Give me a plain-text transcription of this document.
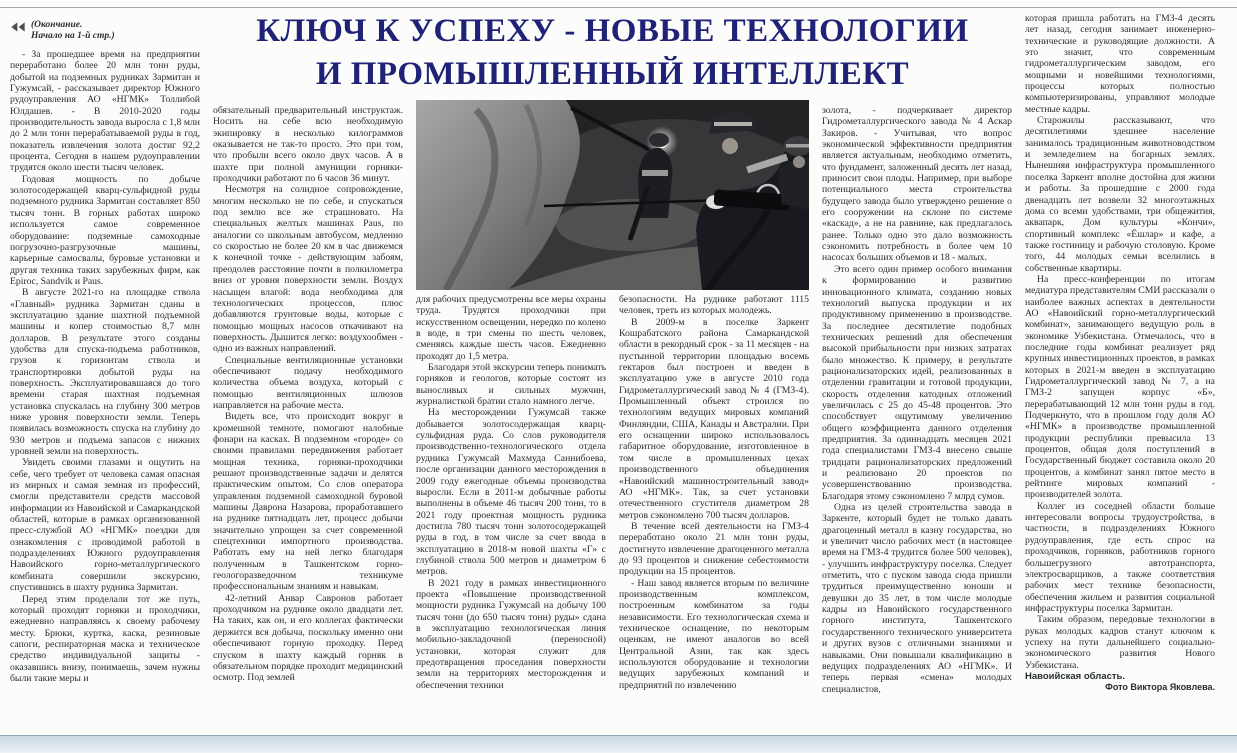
КЛЮЧ К УСПЕХУ - НОВЫЕ ТЕХНОЛОГИИ
И ПРОМЫШЛЕННЫЙ ИНТЕЛЛЕКТ
(Окончание.
Начало на 1-й стр.)

- За прошедшее время на предприятии переработано более 20 млн тонн руды, добытой на подземных рудниках Зармитан и Гужумсай, - рассказывает директор Южного рудоуправления АО «НГМК» Толлибой Юлдашев. - В 2010-2020 годы производительность завода выросла с 1,8 млн до 2 млн тонн перерабатываемой руды в год, показатель извлечения золота достиг 92,2 процента. Сегодня в нашем рудоуправлении трудятся около шести тысяч человек.

Годовая мощность по добыче золотосодержащей кварц-сульфидной руды подземного рудника Зармитан составляет 850 тысяч тонн. В горных работах широко используется самое современное оборудование: подземные самоходные погрузочно-разгрузочные машины, карьерные самосвалы, буровые установки и другая техника таких зарубежных фирм, как Epiroc, Sandvik и Paus.

В августе 2021-го на площадке ствола «Главный» рудника Зармитан сданы в эксплуатацию здание шахтной подъемной машины и копер стоимостью 8,7 млн долларов. В результате этого созданы удобства для спуска-подъема работников, грузов к горизонтам ствола и транспортировки добытой руды на поверхность. Эксплуатировавшаяся до того времени старая шахтная подъемная установка спускалась на глубину 300 метров ниже уровня поверхности земли. Теперь появилась возможность спуска на глубину до 930 метров и подъема запасов с нижних уровней земли на поверхность.

Увидеть своими глазами и ощутить на себе, чего требует от человека самая опасная из мирных и самая земная из профессий, смогли представители средств массовой информации из Навоийской и Самаркандской областей, которые в рамках организованной пресс-службой АО «НГМК» поездки для ознакомления с проводимой работой в подразделениях Южного рудоуправления Навоийского горно-металлургического комбината совершили экскурсию, спустившись в шахту рудника Зармитан.

Перед этим проделали тот же путь, который проходят горняки и проходчики, ежедневно направляясь к своему рабочему месту. Брюки, куртка, каска, резиновые сапоги, респираторная маска и техническое средство индивидуальной защиты - оказавшись внизу, понимаешь, зачем нужны были такие меры и

обязательный предварительный инструктаж. Носить на себе всю необходимую экипировку в несколько килограммов оказывается не так-то просто. Это при том, что пробыли всего около двух часов. А в шахте при полной амуниции горняки-проходчики работают по 6 часов 36 минут.

Несмотря на солидное сопровождение, многим несколько не по себе, и спускаться под землю все же страшновато. На специальных желтых машинах Paus, по аналогии со школьным автобусом, медленно со скоростью не более 20 км в час движемся к конечной точке - действующим забоям, преодолев расстояние почти в полкилометра вниз от уровня поверхности земли. Воздух насыщен влагой: вода необходима для технологических процессов, плюс добавляются грунтовые воды, которые с помощью мощных насосов откачивают на поверхность. Дышится легко: воздухообмен - одно из важных направлений.

Специальные вентиляционные установки обеспечивают подачу необходимого количества объема воздуха, который с помощью вентиляционных шлюзов направляется на рабочие места.

Видеть все, что происходит вокруг в кромешной темноте, помогают налобные фонари на касках. В подземном «городе» со своими правилами передвижения работает мощная техника, горняки-проходчики решают производственные задачи и делятся практическим опытом. Со слов оператора управления подземной самоходной буровой машины Даврона Назарова, проработавшего на руднике пятнадцать лет, процесс добычи значительно упрощен за счет современной спецтехники импортного производства. Работать ему на ней легко благодаря полученным в Ташкентском горно-геологоразведочном техникуме профессиональным знаниям и навыкам.

42-летний Анвар Савронов работает проходчиком на руднике около двадцати лет. На таких, как он, и его коллегах фактически держится вся добыча, поскольку именно они обеспечивают горную проходку. Перед спуском в шахту каждый горняк в обязательном порядке проходит медицинский осмотр. Под землей

для рабочих предусмотрены все меры охраны труда. Трудятся проходчики при искусственном освещении, нередко по колено в воде, в три смены по шесть человек, сменяясь каждые шесть часов. Ежедневно проходят до 1,5 метра.

Благодаря этой экскурсии теперь понимать горняков и геологов, которые состоят из выносливых и сильных мужчин, журналисткой братии стало намного легче.

На месторождении Гужумсай также добывается золотосодержащая кварц-сульфидная руда. Со слов руководителя производственно-технологического отдела рудника Гужумсай Махмуда Саннибоева, после организации данного месторождения в 2009 году ежегодные объемы производства выросли. Если в 2011-м добычные работы выполнены в объеме 46 тысяч 200 тонн, то в 2021 году проектная мощность рудника достигла 780 тысяч тонн золотосодержащей руды в год, в том числе за счет ввода в эксплуатацию в 2018-м новой шахты «Г» с глубиной ствола 500 метров и диаметром 6 метров.

В 2021 году в рамках инвестиционного проекта «Повышение производственной мощности рудника Гужумсай на добычу 100 тысяч тонн (до 650 тысяч тонн) руды» сдана в эксплуатацию технологическая линия мобильно-закладочной (переносной) установки, которая служит для предотвращения проседания поверхности земли на территориях месторождения и обеспечения техники

безопасности. На руднике работают 1115 человек, треть из которых молодежь.

В 2009-м в поселке Заркент Кошрабатского района Самаркандской области в рекордный срок - за 11 месяцев - на пустынной территории площадью восемь гектаров был построен и введен в эксплуатацию уже в августе 2010 года Гидрометаллургический завод № 4 (ГМЗ-4). Промышленный объект строился по технологиям ведущих мировых компаний Финляндии, США, Канады и Австралии. При его оснащении широко использовалось габаритное оборудование, изготовленное в том числе в промышленных цехах производственного объединения «Навоийский машиностроительный завод» АО «НГМК». Так, за счет установки отечественного сгустителя диаметром 28 метров сэкономлено 700 тысяч долларов.

В течение всей деятельности на ГМЗ-4 переработано около 21 млн тонн руды, достигнуто извлечение драгоценного металла до 93 процентов и снижение себестоимости продукции на 15 процентов.

- Наш завод является вторым по величине производственным комплексом, построенным комбинатом за годы независимости. Его технологическая схема и техническое оснащение, по некоторым оценкам, не имеют аналогов во всей Центральной Азии, так как здесь используются оборудование и технологии ведущих зарубежных компаний и предприятий по извлечению

золота, - подчеркивает директор Гидрометаллургического завода № 4 Аскар Закиров. - Учитывая, что вопрос экономической эффективности предприятия является актуальным, необходимо отметить, что фундамент, заложенный десять лет назад, приносит свои плоды. Например, при выборе потенциального места строительства будущего завода было утверждено решение о его сооружении на склоне по системе «каскад», а не на равнине, как предлагалось ранее. Только одно это дало возможность сэкономить потребность в более чем 10 насосах больших объемов и 18 - малых.

Это всего один пример особого внимания к формированию и развитию инновационного климата, созданию новых технологий выпуска продукции и их продуктивному применению в производстве. За последнее десятилетие подобных технических решений для обеспечения высокой прибыльности при низких затратах было множество. К примеру, в результате рационализаторских идей, реализованных в отделении гравитации и готовой продукции, скорость отделения катодных отложений увеличилась с 25 до 45-48 процентов. Это способствует ощутимому увеличению общего коэффициента данного отделения предприятия. За одиннадцать месяцев 2021 года специалистами ГМЗ-4 внесено свыше тридцати рационализаторских предложений и реализовано 20 проектов по усовершенствованию производства. Благодаря этому сэкономлено 7 млрд сумов.

Одна из целей строительства завода в Заркенте, который будет не только давать драгоценный металл в казну государства, но и увеличит число рабочих мест (в настоящее время на ГМЗ-4 трудится более 500 человек), - улучшить инфраструктуру поселка. Следует отметить, что с пуском завода сюда пришли трудиться преимущественно юноши и девушки до 35 лет, в том числе молодые кадры из Навоийского государственного горного института, Ташкентского государственного технического университета и других вузов с отличными знаниями и навыками. Они повышали квалификацию в ведущих подразделениях АО «НГМК». И теперь первая «смена» молодых специалистов,

которая пришла работать на ГМЗ-4 десять лет назад, сегодня занимает инженерно-технические и руководящие должности. А это значит, что современным гидрометаллургическим заводом, его мощными и новейшими технологиями, процессы которых полностью компьютеризированы, управляют молодые местные кадры.

Старожилы рассказывают, что десятилетиями здешнее население занималось традиционным животноводством и земледелием на богарных землях. Нынешняя инфраструктура промышленного поселка Заркент вполне достойна для жизни и работы. За прошедшие с 2000 года двенадцать лет возвели 32 многоэтажных дома со всеми удобствами, три общежития, аквапарк, Дом культуры «Кончи», спортивный комплекс «Ёшлар» и кафе, а также гостиницу и рабочую столовую. Кроме того, 44 молодых семьи вселились в собственные квартиры.

На пресс-конференции по итогам медиатура представителям СМИ рассказали о наиболее важных аспектах в деятельности АО «Навоийский горно-металлургический комбинат», занимающего ведущую роль в экономике Узбекистана. Отмечалось, что в последние годы комбинат реализует ряд крупных инвестиционных проектов, в рамках которых в 2021-м введен в эксплуатацию Гидрометаллургический завод № 7, а на ГМЗ-2 запущен корпус «Б», перерабатывающий 12 млн тонн руды в год. Подчеркнуто, что в прошлом году доля АО «НГМК» в производстве промышленной продукции республики превысила 13 процентов, общая доля поступлений в Государственный бюджет составила около 20 процентов, а комбинат занял пятое место в рейтинге мировых компаний - производителей золота.

Коллег из соседней области больше интересовали вопросы трудоустройства, в частности, в подразделениях Южного рудоуправления, где есть спрос на проходчиков, горняков, работников горного большегрузного автотранспорта, электросварщиков, а также соответствия рабочих мест технике безопасности, обеспечения жильем и развития социальной инфраструктуры поселка Зармитан.

Таким образом, передовые технологии в руках молодых кадров станут ключом к успеху на пути дальнейшего социально-экономического развития Нового Узбекистана.

Навоийская область.

Фото Виктора Яковлева.
